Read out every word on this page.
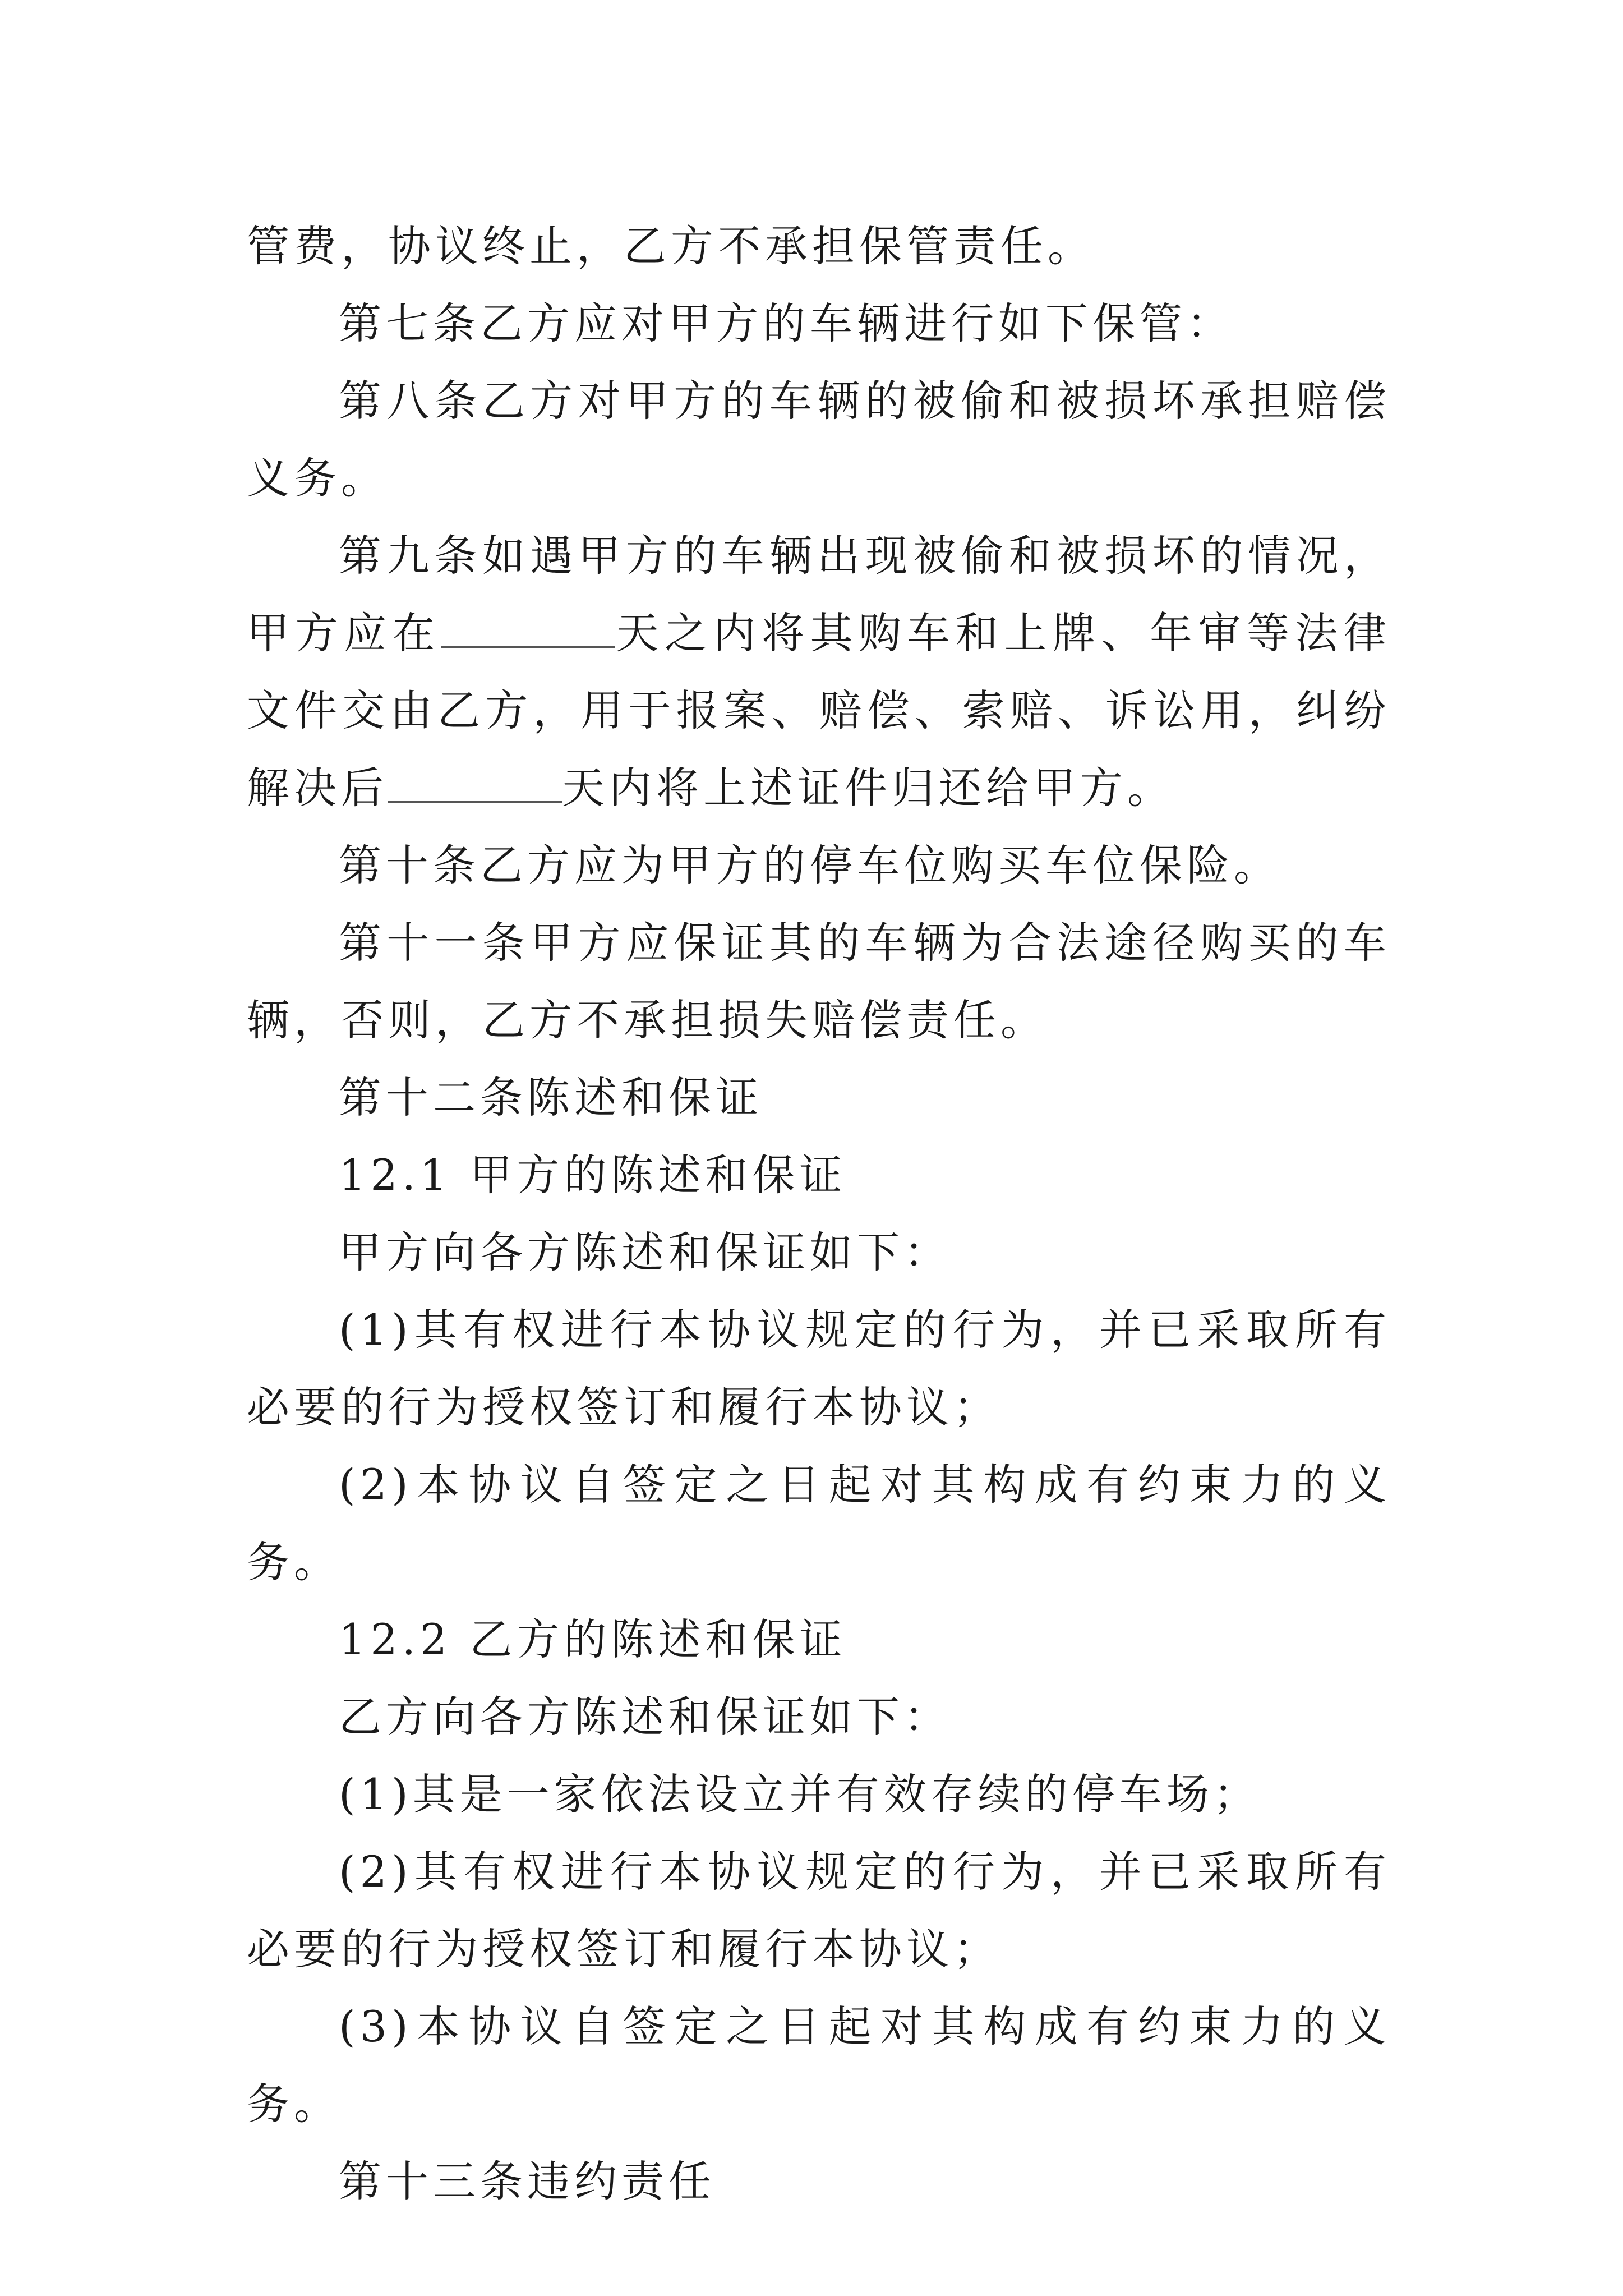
管费，协议终止，乙方不承担保管责任。

第七条乙方应对甲方的车辆进行如下保管：

第八条乙方对甲方的车辆的被偷和被损坏承担赔偿义务。

第九条如遇甲方的车辆出现被偷和被损坏的情况，甲方应在	天之内将其购车和上牌、年审等法律文件交由乙方，用于报案、赔偿、索赔、诉讼用，纠纷解决后	天内将上述证件归还给甲方。

第十条乙方应为甲方的停车位购买车位保险。

第十一条甲方应保证其的车辆为合法途径购买的车辆，否则，乙方不承担损失赔偿责任。

第十二条陈述和保证

12.1 甲方的陈述和保证

甲方向各方陈述和保证如下：

(1)其有权进行本协议规定的行为，并已采取所有必要的行为授权签订和履行本协议；

(2)本协议自签定之日起对其构成有约束力的义务。

12.2 乙方的陈述和保证

乙方向各方陈述和保证如下：

(1)其是一家依法设立并有效存续的停车场；

(2)其有权进行本协议规定的行为，并已采取所有必要的行为授权签订和履行本协议；

(3)本协议自签定之日起对其构成有约束力的义务。

第十三条违约责任
